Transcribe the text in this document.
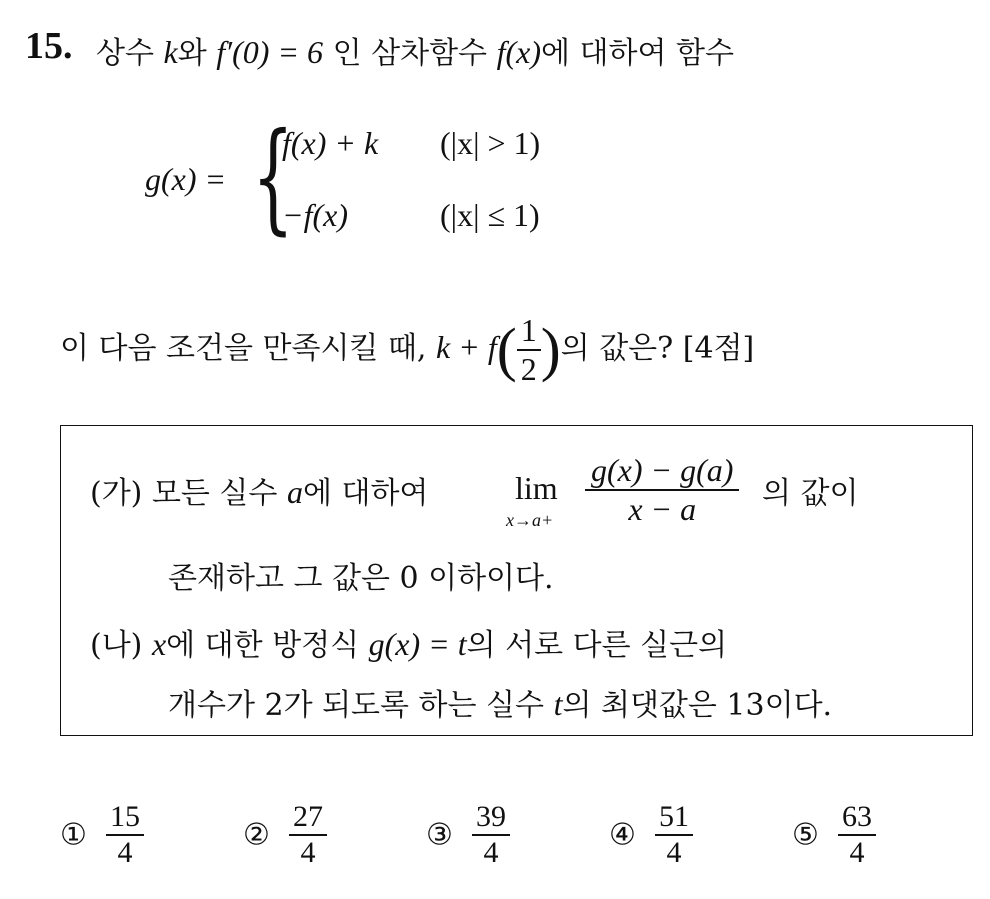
15. 상수 k와 f′(0) = 6 인 삼차함수 f(x)에 대하여 함수
g(x) = {
f(x) + k (|x| > 1)
−f(x)	(|x| ≤ 1)
이 다음 조건을 만족시킬 때, $k + f( \frac{1}{2}$ )의 값은? [4점]
(가) 모든 실수 a에 대하여	lim
$x\to a+ \frac{g(x) - g(a)}{x - a}$ 의 값이
존재하고 그 값은 0 이하이다.
(나) x에 대한 방정식 g(x) = t의 서로 다른 실근의
개수가 2가 되도록 하는 실수 t의 최댓값은 13이다.
① $\frac{15}{4}$	② $\frac{27}{4}$	③ $\frac{39}{4}$	④ $\frac{51}{4}$	⑤ $\frac{63}{4}$
